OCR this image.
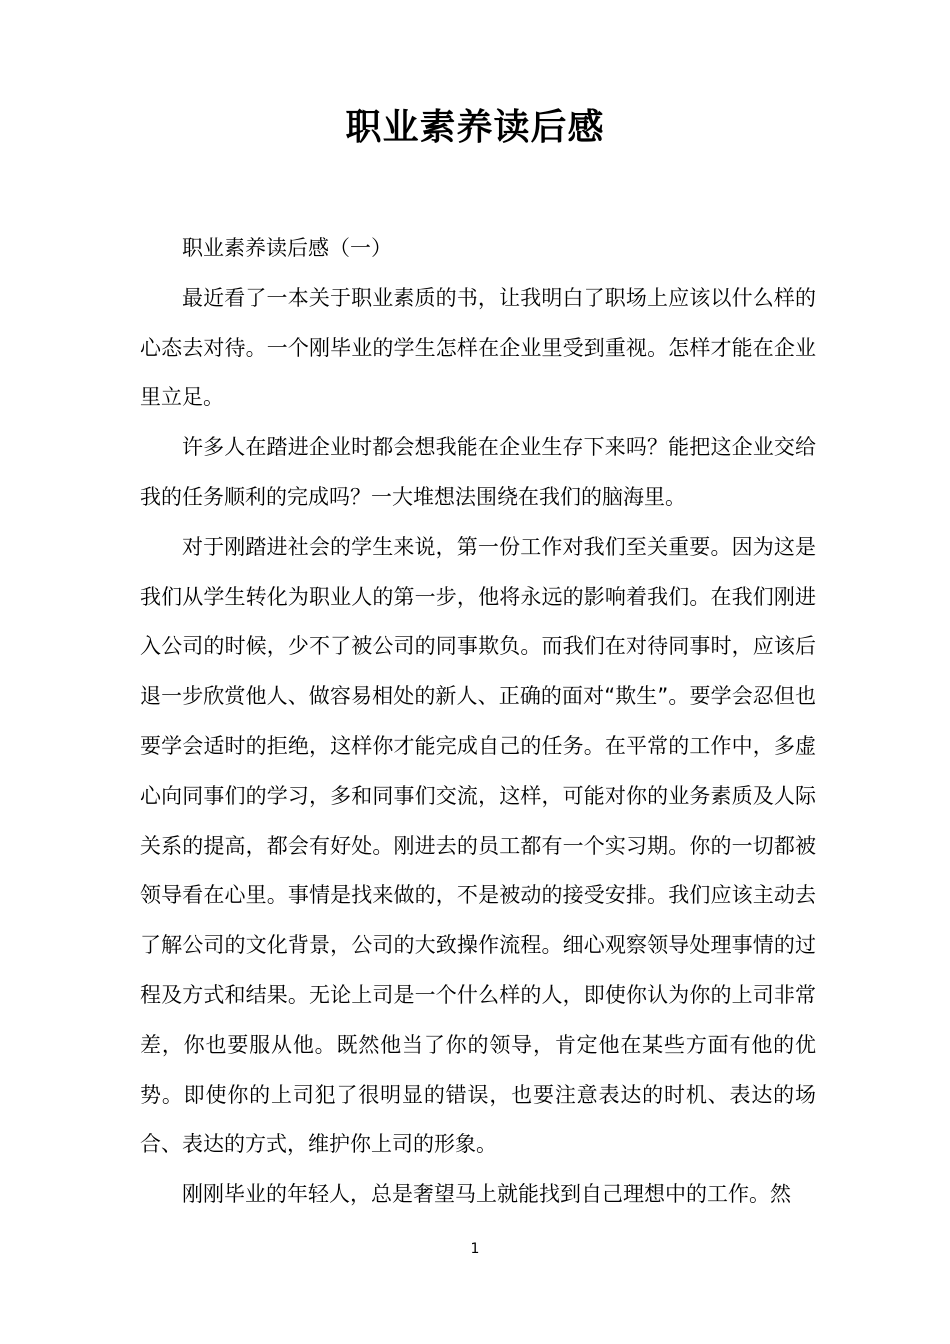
职业素养读后感

职业素养读后感（一）

最近看了一本关于职业素质的书，让我明白了职场上应该以什么样的心态去对待。一个刚毕业的学生怎样在企业里受到重视。怎样才能在企业里立足。

许多人在踏进企业时都会想我能在企业生存下来吗？能把这企业交给我的任务顺利的完成吗？一大堆想法围绕在我们的脑海里。

对于刚踏进社会的学生来说，第一份工作对我们至关重要。因为这是我们从学生转化为职业人的第一步，他将永远的影响着我们。在我们刚进入公司的时候，少不了被公司的同事欺负。而我们在对待同事时，应该后退一步欣赏他人、做容易相处的新人、正确的面对“欺生”。要学会忍但也要学会适时的拒绝，这样你才能完成自己的任务。在平常的工作中，多虚心向同事们的学习，多和同事们交流，这样，可能对你的业务素质及人际关系的提高，都会有好处。刚进去的员工都有一个实习期。你的一切都被领导看在心里。事情是找来做的，不是被动的接受安排。我们应该主动去了解公司的文化背景，公司的大致操作流程。细心观察领导处理事情的过程及方式和结果。无论上司是一个什么样的人，即使你认为你的上司非常差，你也要服从他。既然他当了你的领导，肯定他在某些方面有他的优势。即使你的上司犯了很明显的错误，也要注意表达的时机、表达的场合、表达的方式，维护你上司的形象。

刚刚毕业的年轻人，总是奢望马上就能找到自己理想中的工作。然

1
